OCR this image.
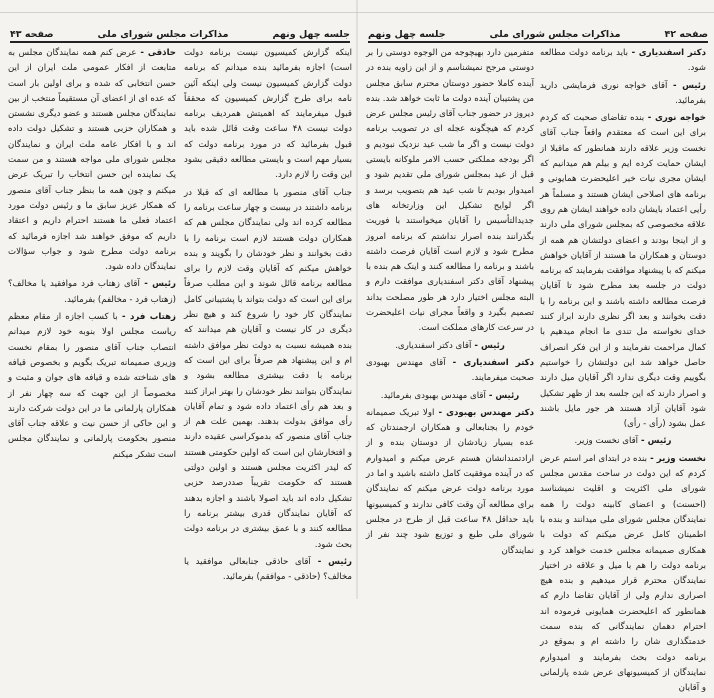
جلسه چهل ونهم
مذاکرات مجلس شورای ملی
صفحه ۴۳

اینکه گزارش کمیسیون نیست برنامه دولت است) اجازه بفرمائید بنده میدانم که برنامه دولت گزارش کمیسیون نیست ولی اینکه آئین نامه برای طرح گزارش کمیسیون که محققاً قبول میفرمایند که اهمیتش همردیف برنامه دولت نیست ۴۸ ساعت وقت قائل شده باید قبول بفرمائید که در مورد برنامه دولت که بسیار مهم است و بایستی مطالعه دقیقی بشود این وقت را لازم دارد.

جناب آقای منصور با مطالعه ای که قبلا در برنامه داشتند در بیست و چهار ساعت برنامه را مطالعه کرده اند ولی نمایندگان مجلس هم که همکاران دولت هستند لازم است برنامه را با دقت بخوانند و نظر خودشان را بگویند و بنده خواهش میکنم که آقایان وقت لازم را برای مطالعه برنامه قائل شوند و این مطلب صرفاً برای این است که دولت بتواند با پشتیبانی کامل نمایندگان کار خود را شروع کند و هیچ نظر دیگری در کار نیست و آقایان هم میدانند که بنده همیشه نسبت به دولت نظر موافق داشته ام و این پیشنهاد هم صرفاً برای این است که برنامه با دقت بیشتری مطالعه بشود و نمایندگان بتوانند نظر خودشان را بهتر ابراز کنند و بعد هم رأی اعتماد داده شود و تمام آقایان رأی موافق بدولت بدهند. بهمین علت هم از جناب آقای منصور که بدموکراسی عقیده دارند و افتخارشان این است که اولین حکومتی هستند که لیدر اکثریت مجلس هستند و اولین دولتی هستند که حکومت تقریباً صددرصد حزبی تشکیل داده اند باید اصولا باشند و اجازه بدهند که آقایان نمایندگان قدری بیشتر برنامه را مطالعه کنند و با عمق بیشتری در برنامه دولت بحث شود.

رئیس - آقای حاذقی جنابعالی موافقید یا مخالف؟ (حاذقی - موافقم) بفرمائید.

حاذقی - عرض کنم همه نمایندگان مجلس به متابعت از افکار عمومی ملت ایران از این حسن انتخابی که شده و برای اولین بار است که عده ای از اعضای آن مستقیماً منتخب از بین نمایندگان مجلس هستند و عضو دیگری نشستن و همکاران حزبی هستند و تشکیل دولت داده اند و با افکار عامه ملت ایران و نمایندگان مجلس شورای ملی مواجه هستند و من سمت یک نماینده این حسن انتخاب را تبریک عرض میکنم و چون همه ما بنظر جناب آقای منصور که همکار عزیز سابق ما و رئیس دولت مورد اعتماد فعلی ما هستند احترام داریم و اعتقاد داریم که موفق خواهند شد اجازه فرمائید که برنامه دولت مطرح شود و جواب سؤالات نمایندگان داده شود.

رئیس - آقای زهتاب فرد موافقید یا مخالف؟ (زهتاب فرد - مخالفم) بفرمائید.

زهتاب فرد - با کسب اجازه از مقام معظم ریاست مجلس اولا بنوبه خود لازم میدانم انتصاب جناب آقای منصور را بمقام نخست وزیری صمیمانه تبریک بگویم و بخصوص قیافه های شناخته شده و قیافه های جوان و مثبت و مخصوصاً از این جهت که سه چهار نفر از همکاران پارلمانی ما در این دولت شرکت دارند و این حاکی از حسن نیت و علاقه جناب آقای منصور بحکومت پارلمانی و نمایندگان مجلس است تشکر میکنم

صفحه ۴۲
مذاکرات مجلس شورای ملی
جلسه چهل ونهم

دکتر اسفندیاری - باید برنامه دولت مطالعه شود.

رئیس - آقای خواجه نوری فرمایشی دارید بفرمائید.

خواجه نوری - بنده تقاضای صحبت که کردم برای این است که معتقدم واقعاً جناب آقای نخست وزیر علاقه دارند همانطور که ماقبلا از ایشان حمایت کرده ایم و بیلم هم میدانیم که ایشان مجری نیات خیر اعلیحضرت همایونی و برنامه های اصلاحی ایشان هستند و مسلماً هر رأیی اعتماد بایشان داده خواهند ایشان هم روی علاقه مخصوصی که بمجلس شورای ملی دارند و از اینجا بودند و اعضای دولتشان هم همه از دوستان و همکاران ما هستند از آقایان خواهش میکنم که با پیشنهاد موافقت بفرمایند که برنامه دولت در جلسه بعد مطرح شود تا آقایان فرصت مطالعه داشته باشند و این برنامه را با دقت بخوانند و بعد اگر نظری دارند ابراز کنند خدای نخواسته مل تندی ما انجام میدهیم با کمال مراحمت نفرمایند و از این فکر انصراف حاصل خواهد شد این دولتشان را خواستیم بگوییم وقت دیگری ندارد اگر آقایان میل دارند و اصرار دارند که این جلسه بعد از ظهر تشکیل شود آقایان آزاد هستند هر جور مایل باشند عمل بشود (رأی - رأی)

رئیس - آقای نخست وزیر.

نخست وزیر - بنده در ابتدای امر استم عرض کردم که این دولت در ساحت مقدس مجلس شورای ملی اکثریت و اقلیت نمیشناسد (احسنت) و اعضای کابینه دولت را همه نمایندگان مجلس شورای ملی میدانند و بنده با اطمینان کامل عرض میکنم که دولت با همکاری صمیمانه مجلس خدمت خواهد کرد و برنامه دولت را هم با میل و علاقه در اختیار نمایندگان محترم قرار میدهیم و بنده هیچ اصراری ندارم ولی از آقایان تقاضا دارم که همانطور که اعلیحضرت همایونی فرموده اند احترام دهمان نمایندگانی که بنده سمت خدمتگذاری شان را داشته ام و بموقع در برنامه دولت بحث بفرمایند و امیدوارم نمایندگان از کمیسیونهای عرض شده پارلمانی و آقایان

متفرمین دارد بهیچوجه من الوجوه دوستی را بر دوستی مرجح نمیشناسم و از این زاویه بنده در آینده کاملا حضور دوستان محترم سابق مجلس من پشتیبان آینده دولت ما ثابت خواهد شد. بنده دیروز در حضور جناب آقای رئیس مجلس عرض کردم که هیچگونه عجله ای در تصویب برنامه دولت نیست و اگر ما شب عید نزدیک نبودیم و اگر بودجه مملکتی حسب الامر ملوکانه بایستی قبل از عید بمجلس شورای ملی تقدیم شود و امیدوار بودیم تا شب عید هم بتصویب برسد و اگر لوایح تشکیل این وزارتخانه های جدیدالتأسیس را آقایان میخواستند با فوریت بگذرانند بنده اصرار نداشتم که برنامه امروز مطرح شود و لازم است آقایان فرصت داشته باشند و برنامه را مطالعه کنند و اینک هم بنده با پیشنهاد آقای دکتر اسفندیاری موافقت دارم و البته مجلس اختیار دارد هر طور مصلحت بداند تصمیم بگیرد و واقعاً مجرای نیات اعلیحضرت در سرعت کارهای مملکت است.

رئیس - آقای دکتر اسفندیاری.

دکتر اسفندیاری - آقای مهندس بهبودی صحبت میفرمایند.

رئیس - آقای مهندس بهبودی بفرمائید.

دکتر مهندس بهبودی - اولا تبریک صمیمانه خودم را بجنابعالی و همکاران ارجمندتان که عده بسیار زیادشان از دوستان بنده و از ارادتمندانشان هستم عرض میکنم و امیدوارم که در آینده موفقیت کامل داشته باشید و اما در مورد برنامه دولت عرض میکنم که نمایندگان برای مطالعه آن وقت کافی ندارند و کمیسیونها باید حداقل ۴۸ ساعت قبل از طرح در مجلس شورای ملی طبع و توزیع شود چند نفر از نمایندگان
